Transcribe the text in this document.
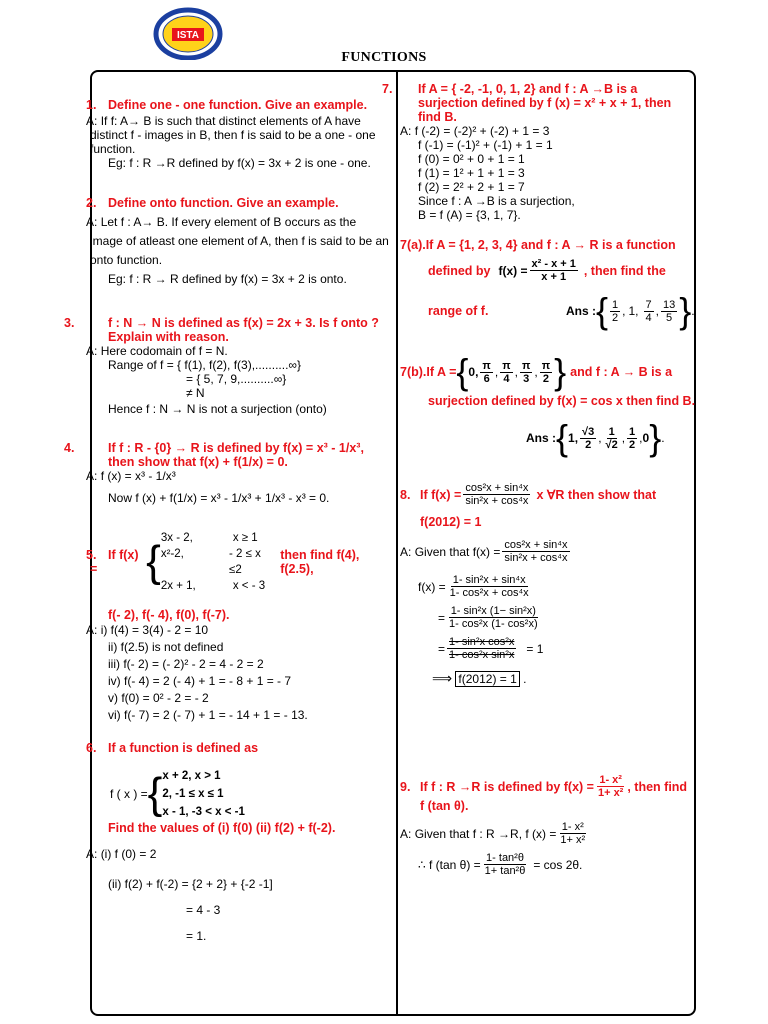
ISTA
FUNCTIONS
1. Define one - one function. Give an example.
A: If f: A→ B is such that distinct elements of A have distinct f - images in B, then f is said to be a one - one function.
Eg: f : R →R defined by f(x) = 3x + 2 is one - one.
2. Define onto function. Give an example.
A: Let f : A→ B. If every element of B occurs as the image of atleast one element of A, then f is said to be an onto function.
Eg: f : R → R defined by f(x) = 3x + 2 is onto.
3.	f : N → N is defined as f(x) = 2x + 3. Is f onto ? Explain with reason.
A: Here codomain of f = N.
Range of f = { f(1), f(2), f(3),..........∞}
= { 5, 7, 9,..........∞}
≠ N
Hence f : N → N is not a surjection (onto)
4.	If f : R - {0} → R is defined by f(x) = x³ - 1/x³, then show that f(x) + f(1/x) = 0.
A: f (x) = x³ - 1/x³
Now f (x) + f(1/x) = x³ - 1/x³ + 1/x³ - x³ = 0.
5. If f(x) =	{ 3x - 2,	x ≥ 1
x²-2,	- 2 ≤ x ≤2
2x + 1,	x < - 3
then find f(4), f(2.5),
f(- 2), f(- 4), f(0), f(-7).
A: i) f(4) = 3(4) - 2 = 10
ii) f(2.5) is not defined
iii) f(- 2) = (- 2)² - 2 = 4 - 2 = 2
iv) f(- 4) = 2 (- 4) + 1 = - 8 + 1 = - 7
v) f(0) = 0² - 2 = - 2
vi) f(- 7) = 2 (- 7) + 1 = - 14 + 1 = - 13.
6. If a function is defined as
f ( x ) = { x + 2, x > 1
2, -1 ≤ x ≤ 1
x - 1, -3 < x < -1
Find the values of (i) f(0) (ii) f(2) + f(-2).
A: (i) f (0) = 2
(ii) f(2) + f(-2) = {2 + 2} + {-2 -1]
= 4 - 3
= 1.
7. If A = { -2, -1, 0, 1, 2} and f : A →B is a surjection defined by f (x) = x² + x + 1, then find B.
A: f (-2) = (-2)² + (-2) + 1 = 3
f (-1) = (-1)² + (-1) + 1 = 1
f (0) = 0² + 0 + 1 = 1
f (1) = 1² + 1 + 1 = 3
f (2) = 2² + 2 + 1 = 7
Since f : A →B is a surjection,
B = f (A) = {3, 1, 7}.
7(a).If A = {1, 2, 3, 4} and f : A → R is a function
defined by $f(x) = \frac{\text{x² - x + 1}}{x + 1}$ , then find the
range of f.	Ans : { $\frac{1}{2}$ , 1, $\frac{7}{4}$ , $\frac{13}{5}$ } .
7(b).If A = { 0, $\frac{\pi}{6}$ , $\frac{\pi}{4}$ , $\frac{\pi}{3}$ , $\frac{\pi}{2}$ } and f : A → B is a
surjection defined by f(x) = cos x then find B.
Ans : { 1, $\frac{√3}{2}$ , $\frac{1}{√2}$ , $\frac{1}{2}$ , 0 } .
8. If $f(x) = \frac{\text{cos²x + sin⁴x}}{\text{sin²x + cos⁴x}}$ x ∀R then show that
f(2012) = 1
A: Given that $f(x) = \frac{\text{cos²x + sin⁴x}}{\text{sin²x + cos⁴x}}$
$f(x) = \frac{\text{1- sin²x + sin⁴x}}{\text{1- cos²x + cos⁴x}}$
= $\frac{\text{1- sin²x (1− sin²x)}}{\text{1- cos²x (1- cos²x)}}$
= $\frac{\text{1- sin²x cos²x}}{\text{1- cos²x sin²x}} = 1$
⟹ f(2012) = 1 .
9. If f : R →R is defined by $f(x) = \frac{\text{1- x²}}{\text{1+ x²}}$ , then find
f (tan θ).
A: Given that f : R →R, f $(x) = \frac{\text{1- x²}}{\text{1+ x²}}$
∴ f (tan $\theta) = \frac{\text{1- tan²θ}}{\text{1+ tan²θ}} = \cos 2\theta$.
